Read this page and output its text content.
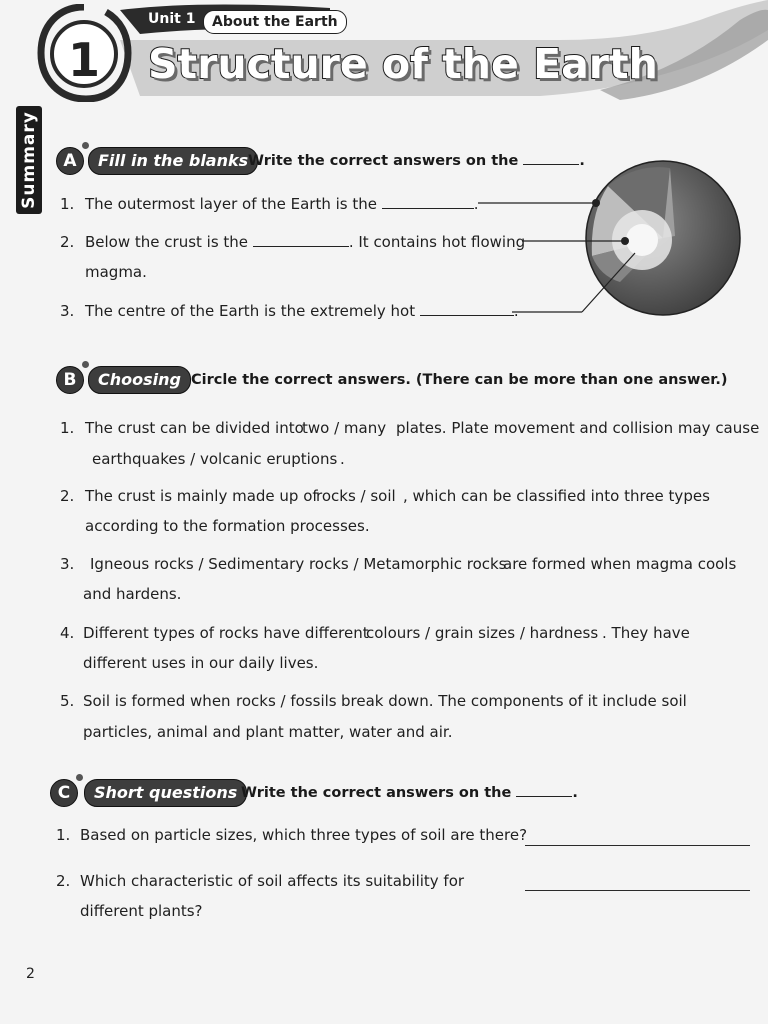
1
Unit 1	About the Earth
Structure of the Earth
Summary	A	Fill in the blanks Write the correct answers on the	.
1. The outermost layer of the Earth is the	.
2. Below the crust is the	. It contains hot flowing
magma.
3. The centre of the Earth is the extremely hot	.
B	Choosing Circle the correct answers. (There can be more than one answer.)
1. The crust can be divided into
two / many plates. Plate movement and collision may cause
earthquakes / volcanic eruptions .
2. The crust is mainly made up of
rocks / soil , which can be classified into three types
according to the formation processes.
3. Igneous rocks / Sedimentary rocks / Metamorphic rocks
are formed when magma cools
and hardens.
4. Different types of rocks have different
colours / grain sizes / hardness . They have
different uses in our daily lives.
5. Soil is formed when rocks / fossils break down. The components of it include soil
particles, animal and plant matter, water and air.
C	Short questions Write the correct answers on the	.
1. Based on particle sizes, which three types of soil are there?
2. Which characteristic of soil affects its suitability for
different plants?
2
